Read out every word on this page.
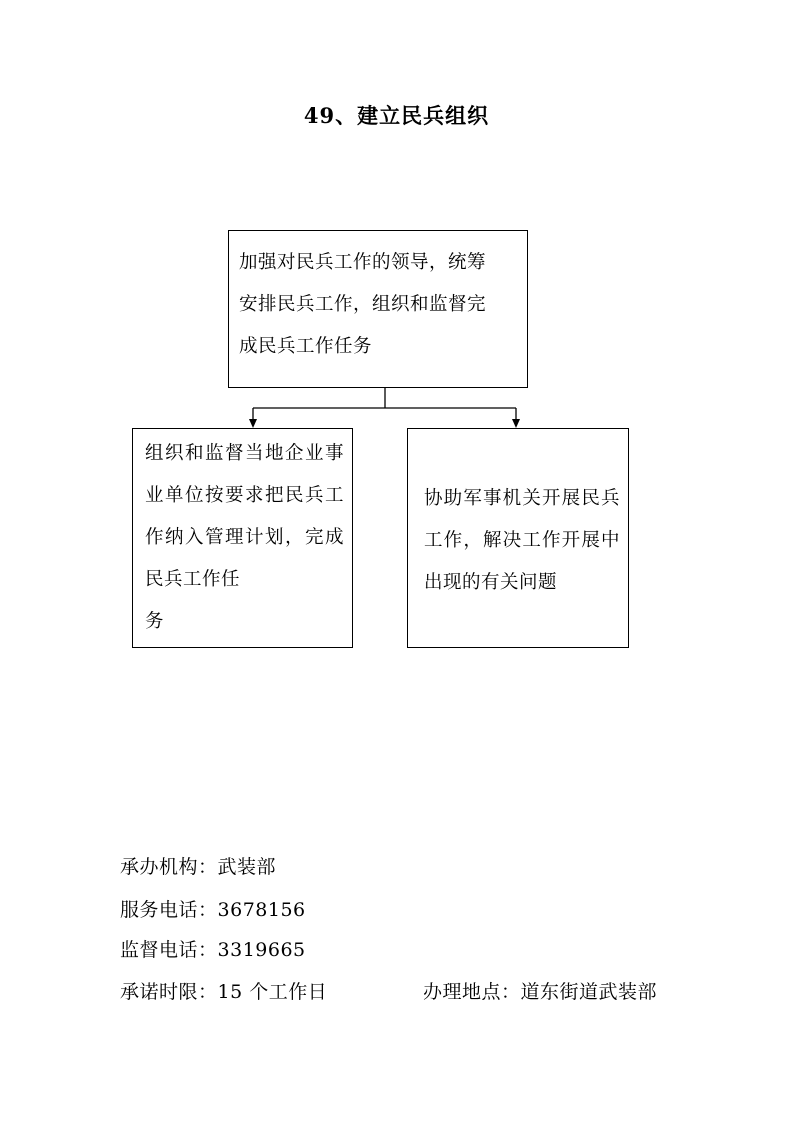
49、建立民兵组织
加强对民兵工作的领导，统筹
安排民兵工作，组织和监督完
成民兵工作任务
组织和监督当地企业事业单位按要求把民兵工作纳入管理计划，完成民兵工作任
务
协助军事机关开展民兵工作，解决工作开展中出现的有关问题
承办机构：武装部
服务电话：3678156
监督电话：3319665
承诺时限：15 个工作日	办理地点：道东街道武装部
